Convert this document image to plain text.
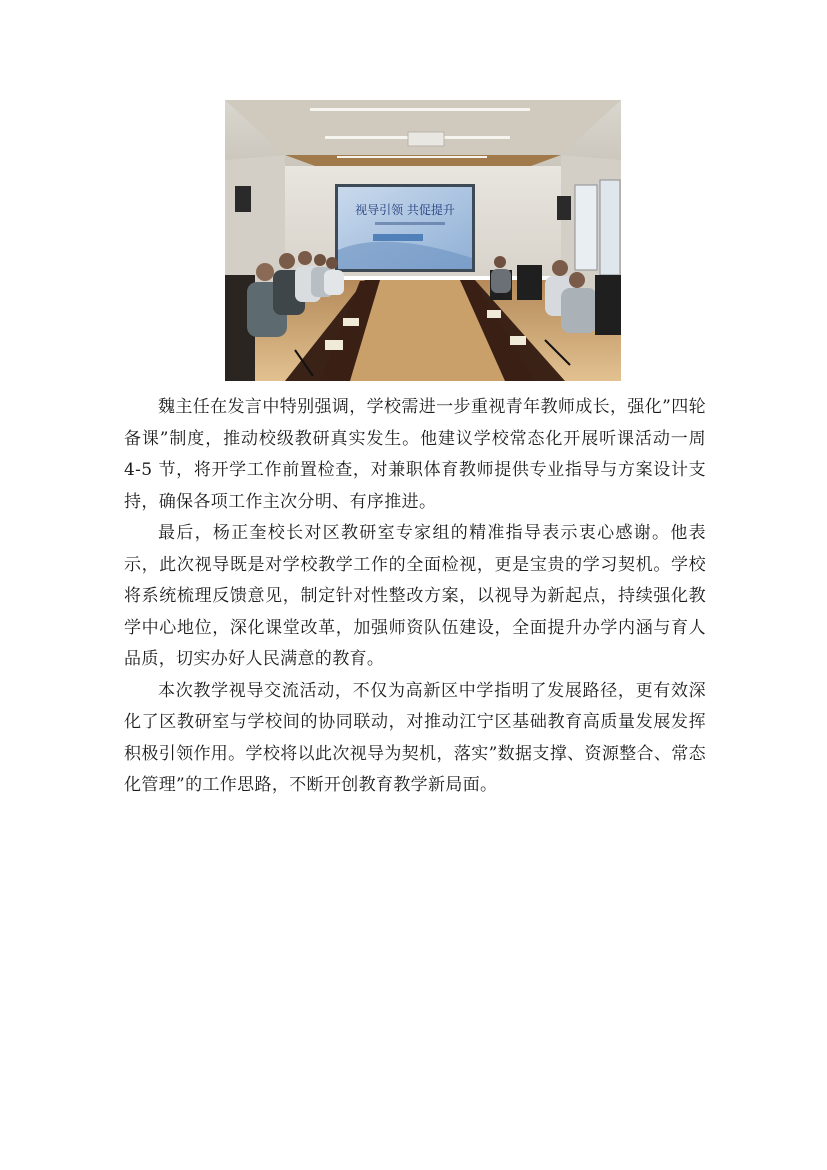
视导引领 共促提升

魏主任在发言中特别强调，学校需进一步重视青年教师成长，强化”四轮备课”制度，推动校级教研真实发生。他建议学校常态化开展听课活动一周 4-5 节，将开学工作前置检查，对兼职体育教师提供专业指导与方案设计支持，确保各项工作主次分明、有序推进。

最后，杨正奎校长对区教研室专家组的精准指导表示衷心感谢。他表示，此次视导既是对学校教学工作的全面检视，更是宝贵的学习契机。学校将系统梳理反馈意见，制定针对性整改方案，以视导为新起点，持续强化教学中心地位，深化课堂改革，加强师资队伍建设，全面提升办学内涵与育人品质，切实办好人民满意的教育。

本次教学视导交流活动，不仅为高新区中学指明了发展路径，更有效深化了区教研室与学校间的协同联动，对推动江宁区基础教育高质量发展发挥积极引领作用。学校将以此次视导为契机，落实”数据支撑、资源整合、常态化管理”的工作思路，不断开创教育教学新局面。
